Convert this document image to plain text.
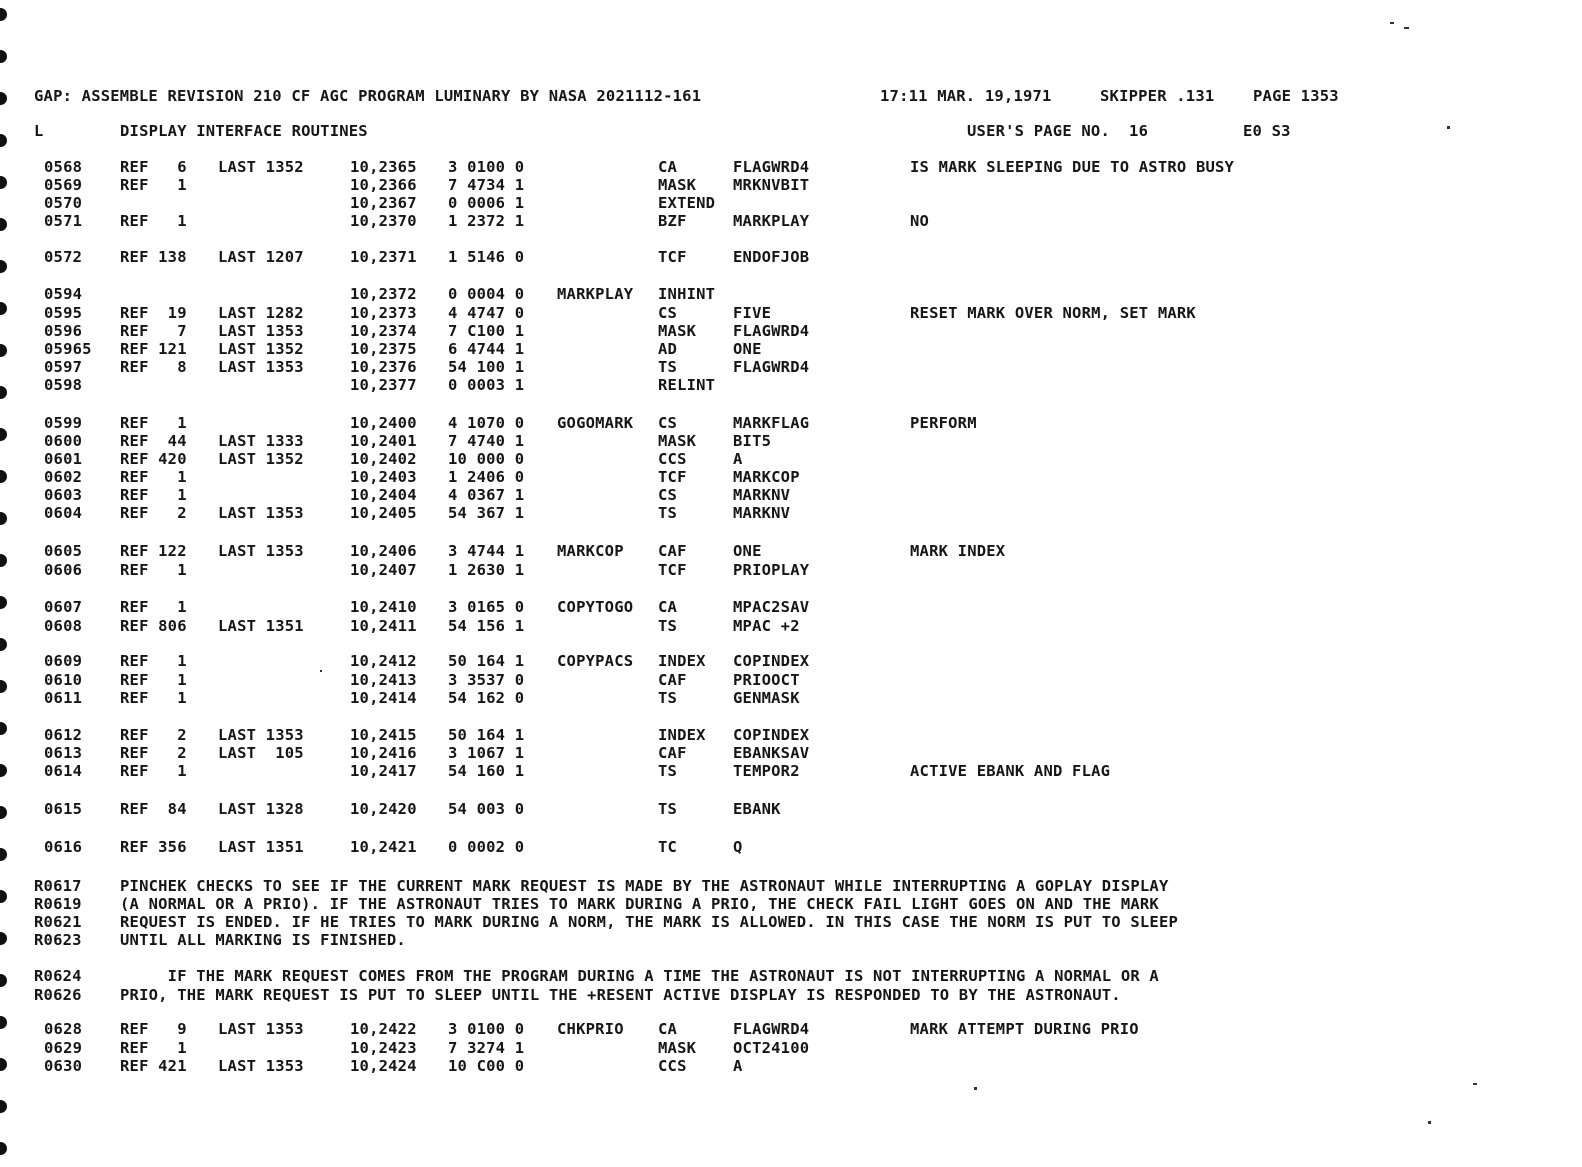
GAP: ASSEMBLE REVISION 210 CF AGC PROGRAM LUMINARY BY NASA 2021112-161	17:11 MAR. 19,1971	SKIPPER .131 PAGE 1353
L	DISPLAY INTERFACE ROUTINES	USER'S PAGE NO.  16	E0 S3
0568 REF   6 LAST 1352	10,2365 3 0100 0	CA	FLAGWRD4	IS MARK SLEEPING DUE TO ASTRO BUSY
0569 REF   1	10,2366 7 4734 1	MASK MRKNVBIT
0570	10,2367 0 0006 1	EXTEND
0571 REF   1	10,2370 1 2372 1	BZF	MARKPLAY	NO
0572 REF 138 LAST 1207	10,2371 1 5146 0	TCF	ENDOFJOB
0594	10,2372 0 0004 0 MARKPLAY INHINT
0595 REF  19 LAST 1282	10,2373 4 4747 0	CS	FIVE	RESET MARK OVER NORM, SET MARK
0596 REF   7 LAST 1353	10,2374 7 C100 1	MASK FLAGWRD4
05965 REF 121 LAST 1352	10,2375 6 4744 1	AD	ONE
0597 REF   8 LAST 1353	10,2376 54 100 1	TS	FLAGWRD4
0598	10,2377 0 0003 1	RELINT
0599 REF   1	10,2400 4 1070 0 GOGOMARK CS	MARKFLAG	PERFORM
0600 REF  44 LAST 1333	10,2401 7 4740 1	MASK BIT5
0601 REF 420 LAST 1352	10,2402 10 000 0	CCS	A
0602 REF   1	10,2403 1 2406 0	TCF	MARKCOP
0603 REF   1	10,2404 4 0367 1	CS	MARKNV
0604 REF   2 LAST 1353	10,2405 54 367 1	TS	MARKNV
0605 REF 122 LAST 1353	10,2406 3 4744 1 MARKCOP CAF	ONE	MARK INDEX
0606 REF   1	10,2407 1 2630 1	TCF	PRIOPLAY
0607 REF   1	10,2410 3 0165 0 COPYTOGO CA	MPAC2SAV
0608 REF 806 LAST 1351	10,2411 54 156 1	TS	MPAC +2
0609 REF   1	10,2412 50 164 1 COPYPACS INDEX COPINDEX
0610 REF   1	10,2413 3 3537 0	CAF	PRIOOCT
0611 REF   1	10,2414 54 162 0	TS	GENMASK
0612 REF   2 LAST 1353	10,2415 50 164 1	INDEX COPINDEX
0613 REF   2 LAST  105	10,2416 3 1067 1	CAF	EBANKSAV
0614 REF   1	10,2417 54 160 1	TS	TEMPOR2	ACTIVE EBANK AND FLAG
0615 REF  84 LAST 1328	10,2420 54 003 0	TS	EBANK
0616 REF 356 LAST 1351	10,2421 0 0002 0	TC	Q
0628 REF   9 LAST 1353	10,2422 3 0100 0 CHKPRIO CA	FLAGWRD4	MARK ATTEMPT DURING PRIO
0629 REF   1	10,2423 7 3274 1	MASK OCT24100
0630 REF 421 LAST 1353	10,2424 10 C00 0	CCS	A
R0617 PINCHEK CHECKS TO SEE IF THE CURRENT MARK REQUEST IS MADE BY THE ASTRONAUT WHILE INTERRUPTING A GOPLAY DISPLAY
R0619 (A NORMAL OR A PRIO). IF THE ASTRONAUT TRIES TO MARK DURING A PRIO, THE CHECK FAIL LIGHT GOES ON AND THE MARK
R0621 REQUEST IS ENDED. IF HE TRIES TO MARK DURING A NORM, THE MARK IS ALLOWED. IN THIS CASE THE NORM IS PUT TO SLEEP
R0623 UNTIL ALL MARKING IS FINISHED.
R0624 IF THE MARK REQUEST COMES FROM THE PROGRAM DURING A TIME THE ASTRONAUT IS NOT INTERRUPTING A NORMAL OR A
R0626 PRIO, THE MARK REQUEST IS PUT TO SLEEP UNTIL THE +RESENT ACTIVE DISPLAY IS RESPONDED TO BY THE ASTRONAUT.
